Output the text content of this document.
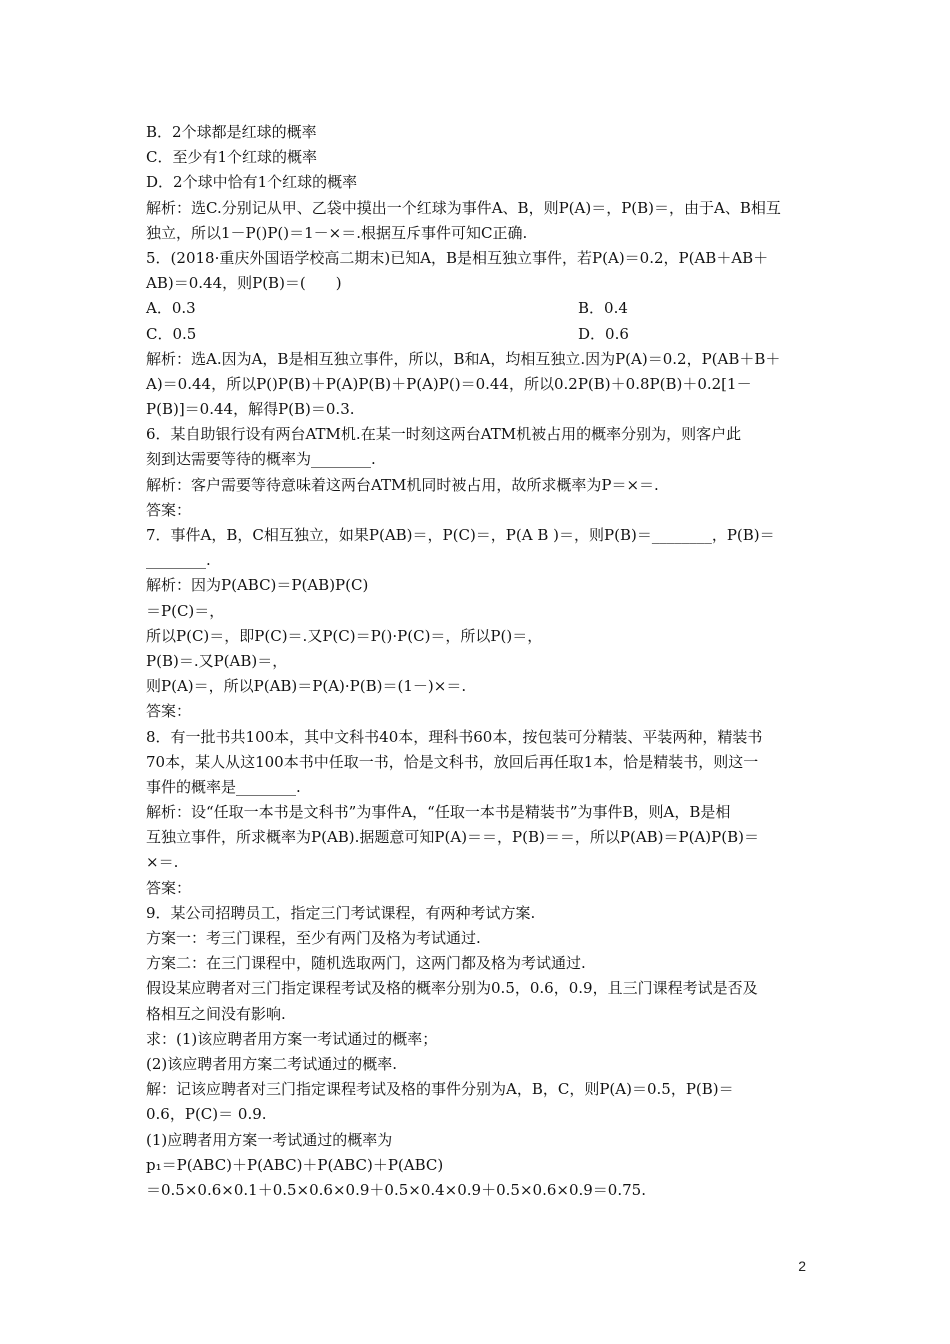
B．2个球都是红球的概率
C．至少有1个红球的概率
D．2个球中恰有1个红球的概率
解析：选C.分别记从甲、乙袋中摸出一个红球为事件A、B，则P(A)＝，P(B)＝，由于A、B相互
独立，所以1－P()P()＝1－×＝.根据互斥事件可知C正确.
5．(2018·重庆外国语学校高二期末)已知A，B是相互独立事件，若P(A)＝0.2，P(AB＋AB＋
AB)＝0.44，则P(B)＝(　　)
A．0.3	B．0.4
C．0.5	D．0.6
解析：选A.因为A，B是相互独立事件，所以，B和A，均相互独立.因为P(A)＝0.2，P(AB＋B＋
A)＝0.44，所以P()P(B)＋P(A)P(B)＋P(A)P()＝0.44，所以0.2P(B)＋0.8P(B)＋0.2[1－
P(B)]＝0.44，解得P(B)＝0.3.
6．某自助银行设有两台ATM机.在某一时刻这两台ATM机被占用的概率分别为，则客户此
刻到达需要等待的概率为________.
解析：客户需要等待意味着这两台ATM机同时被占用，故所求概率为P＝×＝.
答案：
7．事件A，B，C相互独立，如果P(AB)＝，P(C)＝，P(A B )＝，则P(B)＝________，P(B)＝
________.
解析：因为P(ABC)＝P(AB)P(C)
＝P(C)＝，
所以P(C)＝，即P(C)＝.又P(C)＝P()·P(C)＝，所以P()＝，
P(B)＝.又P(AB)＝，
则P(A)＝，所以P(AB)＝P(A)·P(B)＝(1－)×＝.
答案：
8．有一批书共100本，其中文科书40本，理科书60本，按包装可分精装、平装两种，精装书
70本，某人从这100本书中任取一书，恰是文科书，放回后再任取1本，恰是精装书，则这一
事件的概率是________.
解析：设“任取一本书是文科书”为事件A，“任取一本书是精装书”为事件B，则A，B是相
互独立事件，所求概率为P(AB).据题意可知P(A)＝＝，P(B)＝＝，所以P(AB)＝P(A)P(B)＝
×＝.
答案：
9．某公司招聘员工，指定三门考试课程，有两种考试方案.
方案一：考三门课程，至少有两门及格为考试通过.
方案二：在三门课程中，随机选取两门，这两门都及格为考试通过.
假设某应聘者对三门指定课程考试及格的概率分别为0.5，0.6，0.9，且三门课程考试是否及
格相互之间没有影响.
求：(1)该应聘者用方案一考试通过的概率；
(2)该应聘者用方案二考试通过的概率.
解：记该应聘者对三门指定课程考试及格的事件分别为A，B，C，则P(A)＝0.5，P(B)＝
0.6，P(C)＝ 0.9.
(1)应聘者用方案一考试通过的概率为
p₁＝P(ABC)＋P(ABC)＋P(ABC)＋P(ABC)
＝0.5×0.6×0.1＋0.5×0.6×0.9＋0.5×0.4×0.9＋0.5×0.6×0.9＝0.75.
2
